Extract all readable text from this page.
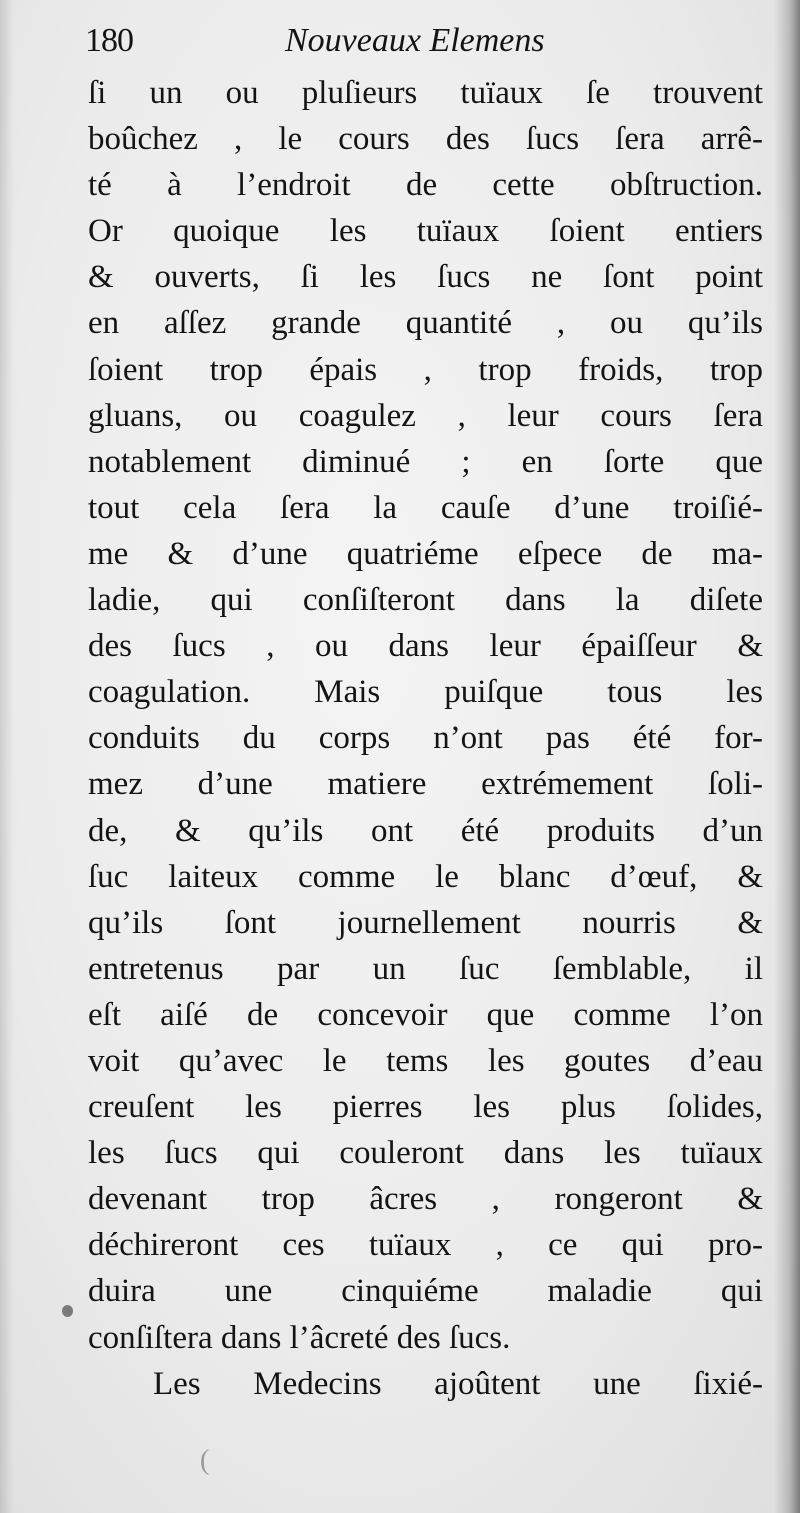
180	Nouveaux Elemens
ſi un ou pluſieurs tuïaux ſe trouvent
boûchez , le cours des ſucs ſera arrê-
té à l’endroit de cette obſtruction.
Or quoique les tuïaux ſoient entiers
& ouverts, ſi les ſucs ne ſont point
en aſſez grande quantité , ou qu’ils
ſoient trop épais , trop froids, trop
gluans, ou coagulez , leur cours ſera
notablement diminué ; en ſorte que
tout cela ſera la cauſe d’une troiſié-
me & d’une quatriéme eſpece de ma-
ladie, qui conſiſteront dans la diſete
des ſucs , ou dans leur épaiſſeur &
coagulation. Mais puiſque tous les
conduits du corps n’ont pas été for-
mez d’une matiere extrémement ſoli-
de, & qu’ils ont été produits d’un
ſuc laiteux comme le blanc d’œuf, &
qu’ils ſont journellement nourris &
entretenus par un ſuc ſemblable, il
eſt aiſé de concevoir que comme l’on
voit qu’avec le tems les goutes d’eau
creuſent les pierres les plus ſolides,
les ſucs qui couleront dans les tuïaux
devenant trop âcres , rongeront &
déchireront ces tuïaux , ce qui pro-
duira une cinquiéme maladie qui
conſiſtera dans l’âcreté des ſucs.
Les Medecins ajoûtent une ſixié-
(
